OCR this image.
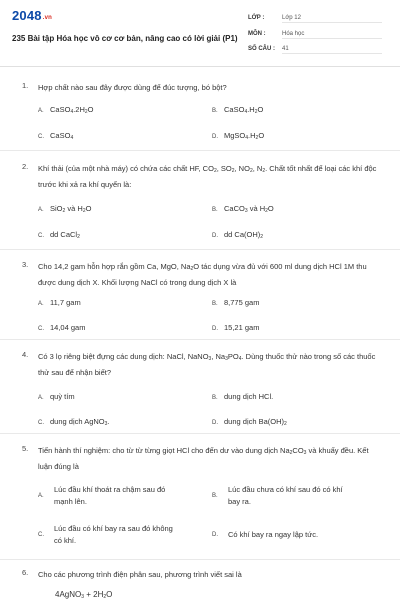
2048.vn
235 Bài tập Hóa học vô cơ cơ bản, nâng cao có lời giải (P1)
LỚP :	Lớp 12
MÔN :	Hóa học
SỐ CÂU : 41
1. Hợp chất nào sau đây được dùng để đúc tượng, bó bột?
A. $CaSO_4.2H_2O$	B. $CaSO_4.H_2O$
C. CaSO$_4$	D. $MgSO_4.H_2O$
2. Khí thải (của một nhà máy) có chứa các chất HF, $CO_2$, $SO_2$, $NO_2$, $N_2$. Chất tốt nhất để loại các khí độc trước khi xả ra khí quyển là:
A. SiO$_2$ và $H_2O$	B. CaCO$_3$ và $H_2O$
C. dd CaCl$_2$	D. dd $Ca(OH)_2$
3. Cho 14,2 gam hỗn hợp rắn gồm Ca, MgO, $Na_2O$ tác dụng vừa đủ với 600 ml dung dịch HCl 1M thu được dung dịch X. Khối lượng NaCl có trong dung dịch X là
A. 11,7 gam	B. 8,775 gam
C. 14,04 gam	D. 15,21 gam
4. Có 3 lọ riêng biệt đựng các dung dịch: NaCl, NaNO$_3$, $Na_3PO_4$. Dùng thuốc thử nào trong số các thuốc thử sau để nhận biết?
A. quỳ tím	B. dung dịch HCl.
C. dung dịch AgNO$_3$.	D. dung dịch $Ba(OH)_2$
5. Tiến hành thí nghiệm: cho từ từ từng giọt HCl cho đến dư vào dung dịch $Na_2CO_3$ và khuấy đều. Kết luận đúng là
A.
Lúc đầu khí thoát ra chậm sau đó
mạnh lên.
B.
Lúc đầu chưa có khí sau đó có khí
bay ra.
C.
Lúc đầu có khí bay ra sau đó không
có khí.
D. Có khí bay ra ngay lập tức.
6. Cho các phương trình điện phân sau, phương trình viết sai là
4AgNO$_3$ + $2H_2O$
